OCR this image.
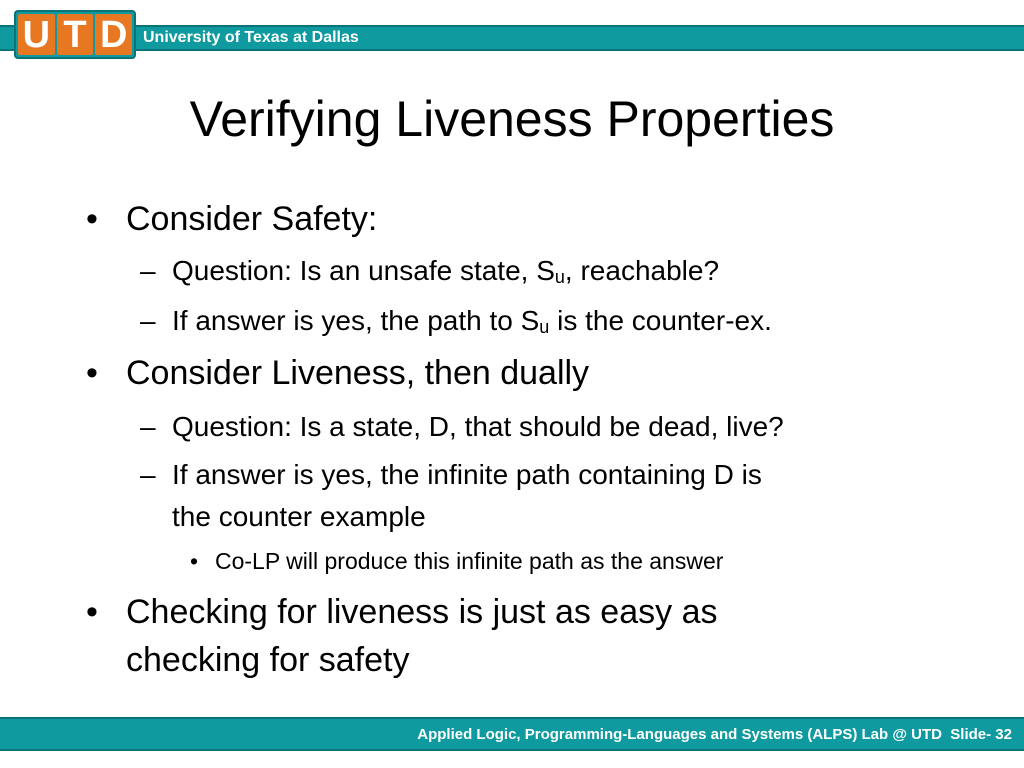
U T D University of Texas at Dallas
Verifying Liveness Properties
• Consider Safety:
– Question: Is an unsafe state, $S_u$, reachable?
– If answer is yes, the path to $S_u$ is the counter-ex.
• Consider Liveness, then dually
– Question: Is a state, D, that should be dead, live?
– If answer is yes, the infinite path containing D is
the counter example
• Co-LP will produce this infinite path as the answer
• Checking for liveness is just as easy as
checking for safety
Applied Logic, Programming-Languages and Systems (ALPS) Lab @ UTD Slide- 32
